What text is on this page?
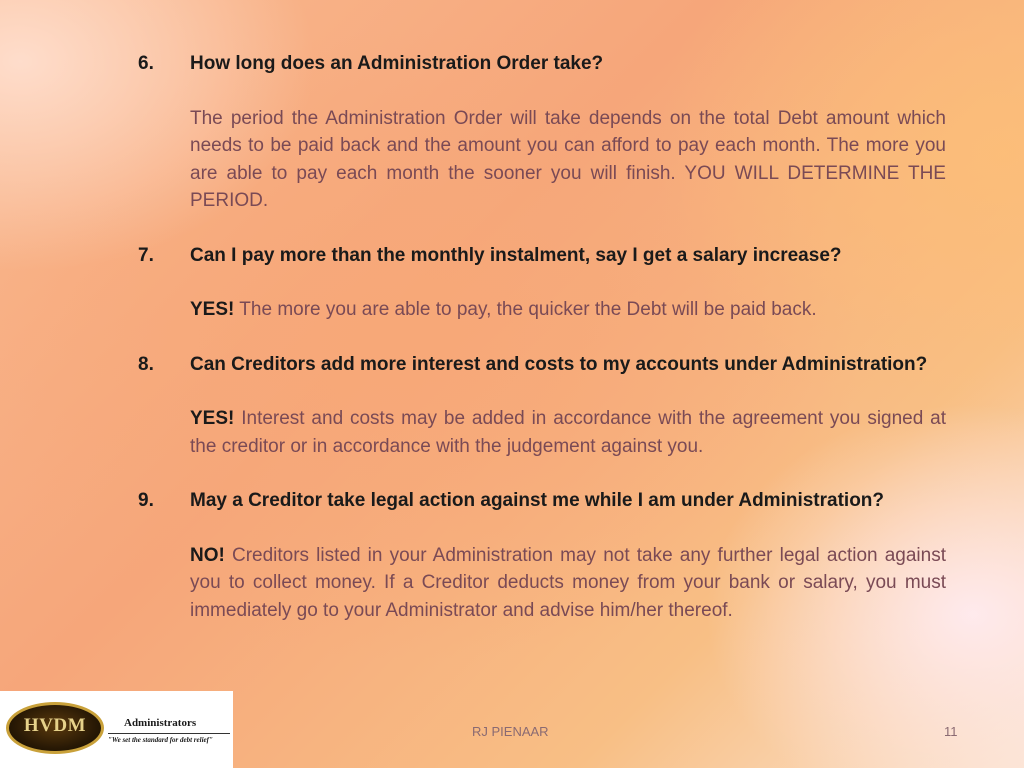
6.	How long does an Administration Order take?
The period the Administration Order will take depends on the total Debt amount which needs to be paid back and the amount you can afford to pay each month. The more you are able to pay each month the sooner you will finish. YOU WILL DETERMINE THE PERIOD.
7.	Can I pay more than the monthly instalment, say I get a salary increase?
YES! The more you are able to pay, the quicker the Debt will be paid back.
8.	Can Creditors add more interest and costs to my accounts under Administration?
YES! Interest and costs may be added in accordance with the agreement you signed at the creditor or in accordance with the judgement against you.
9.	May a Creditor take legal action against me while I am under Administration?
NO! Creditors listed in your Administration may not take any further legal action against you to collect money. If a Creditor deducts money from your bank or salary, you must immediately go to your Administrator and advise him/her thereof.
HVDM	Administrators
"We set the standard for debt relief"
RJ PIENAAR	11
